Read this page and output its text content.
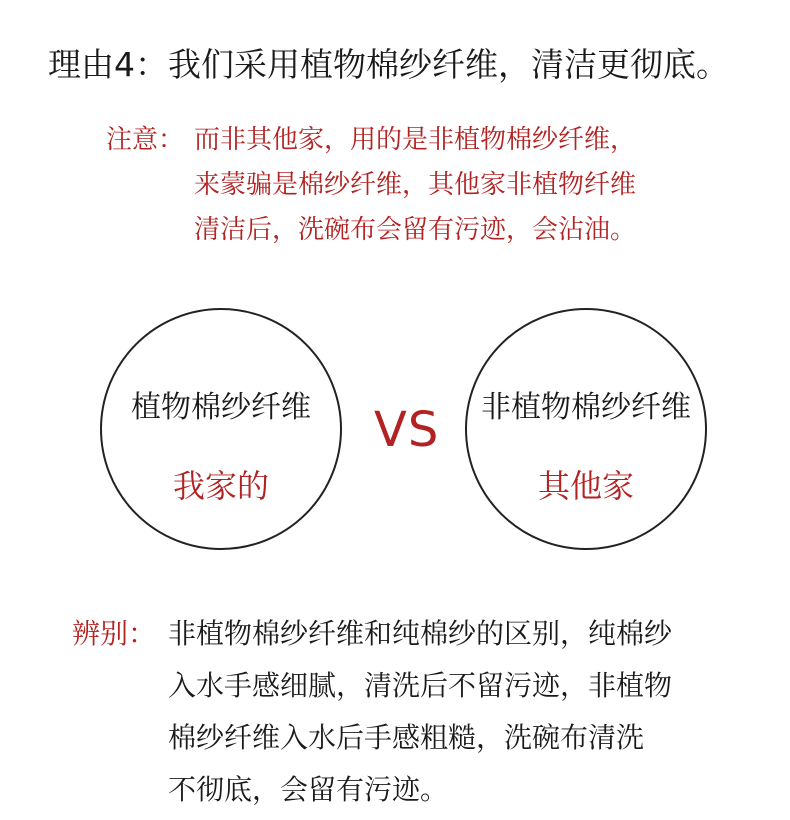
理由4：我们采用植物棉纱纤维，清洁更彻底。
注意： 而非其他家，用的是非植物棉纱纤维，
来蒙骗是棉纱纤维，其他家非植物纤维
清洁后，洗碗布会留有污迹，会沾油。
植物棉纱纤维
我家的
VS	非植物棉纱纤维
其他家
辨别： 非植物棉纱纤维和纯棉纱的区别，纯棉纱
入水手感细腻，清洗后不留污迹，非植物
棉纱纤维入水后手感粗糙，洗碗布清洗
不彻底，会留有污迹。
